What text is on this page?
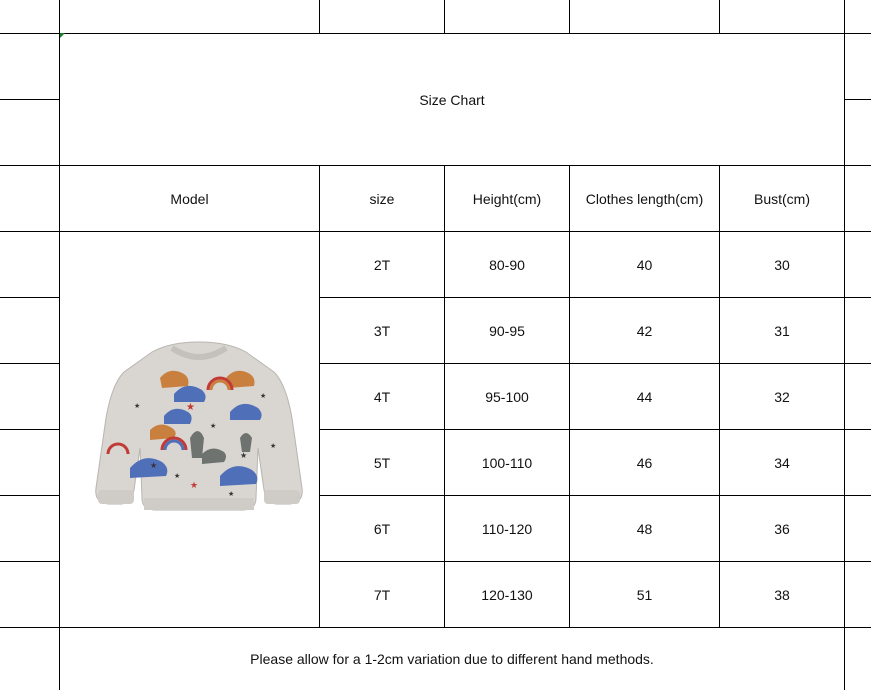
Size Chart
Model	size	Height(cm)	Clothes length(cm)	Bust(cm)
2T	80-90	40	30
3T	90-95	42	31
4T	95-100	44	32
5T	100-110	46	34
6T	110-120	48	36
7T	120-130	51	38
Please allow for a 1-2cm variation due to different hand methods.
★
★
★
★
★
★
★
★
★
★
